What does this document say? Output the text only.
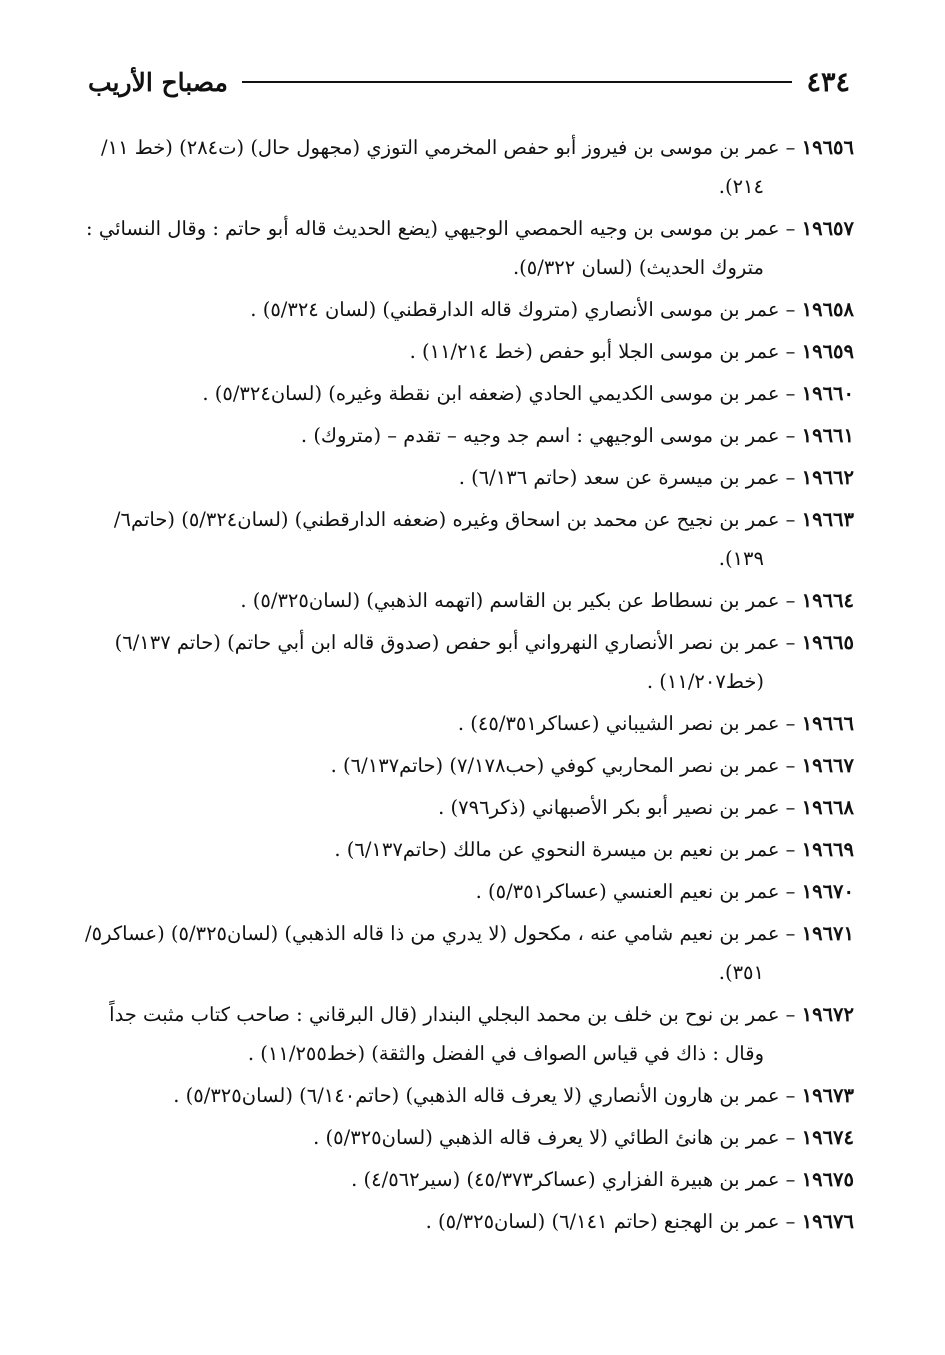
٤٣٤
مصباح الأريب

١٩٦٥٦ – عمر بن موسى بن فيروز أبو حفص المخرمي التوزي (مجهول حال) (ت٢٨٤) (خط ١١/ ٢١٤).

١٩٦٥٧ – عمر بن موسى بن وجيه الحمصي الوجيهي (يضع الحديث قاله أبو حاتم : وقال النسائي : متروك الحديث) (لسان ٥/٣٢٢).

١٩٦٥٨ – عمر بن موسى الأنصاري (متروك قاله الدارقطني) (لسان ٥/٣٢٤) .

١٩٦٥٩ – عمر بن موسى الجلا أبو حفص (خط ١١/٢١٤) .

١٩٦٦٠ – عمر بن موسى الكديمي الحادي (ضعفه ابن نقطة وغيره) (لسان٥/٣٢٤) .

١٩٦٦١ – عمر بن موسى الوجيهي : اسم جد وجيه – تقدم – (متروك) .

١٩٦٦٢ – عمر بن ميسرة عن سعد (حاتم ٦/١٣٦) .

١٩٦٦٣ – عمر بن نجيح عن محمد بن اسحاق وغيره (ضعفه الدارقطني) (لسان٥/٣٢٤) (حاتم٦/ ١٣٩).

١٩٦٦٤ – عمر بن نسطاط عن بكير بن القاسم (اتهمه الذهبي) (لسان٥/٣٢٥) .

١٩٦٦٥ – عمر بن نصر الأنصاري النهرواني أبو حفص (صدوق قاله ابن أبي حاتم) (حاتم ٦/١٣٧) (خط١١/٢٠٧) .

١٩٦٦٦ – عمر بن نصر الشيباني (عساكر٤٥/٣٥١) .

١٩٦٦٧ – عمر بن نصر المحاربي كوفي (حب٧/١٧٨) (حاتم٦/١٣٧) .

١٩٦٦٨ – عمر بن نصير أبو بكر الأصبهاني (ذكر٧٩٦) .

١٩٦٦٩ – عمر بن نعيم بن ميسرة النحوي عن مالك (حاتم٦/١٣٧) .

١٩٦٧٠ – عمر بن نعيم العنسي (عساكر٥/٣٥١) .

١٩٦٧١ – عمر بن نعيم شامي عنه ، مكحول (لا يدري من ذا قاله الذهبي) (لسان٥/٣٢٥) (عساكر٥/ ٣٥١).

١٩٦٧٢ – عمر بن نوح بن خلف بن محمد البجلي البندار (قال البرقاني : صاحب كتاب مثبت جداً وقال : ذاك في قياس الصواف في الفضل والثقة) (خط١١/٢٥٥) .

١٩٦٧٣ – عمر بن هارون الأنصاري (لا يعرف قاله الذهبي) (حاتم٦/١٤٠) (لسان٥/٣٢٥) .

١٩٦٧٤ – عمر بن هانئ الطائي (لا يعرف قاله الذهبي (لسان٥/٣٢٥) .

١٩٦٧٥ – عمر بن هبيرة الفزاري (عساكر٤٥/٣٧٣) (سير٤/٥٦٢) .

١٩٦٧٦ – عمر بن الهجنع (حاتم ٦/١٤١) (لسان٥/٣٢٥) .
